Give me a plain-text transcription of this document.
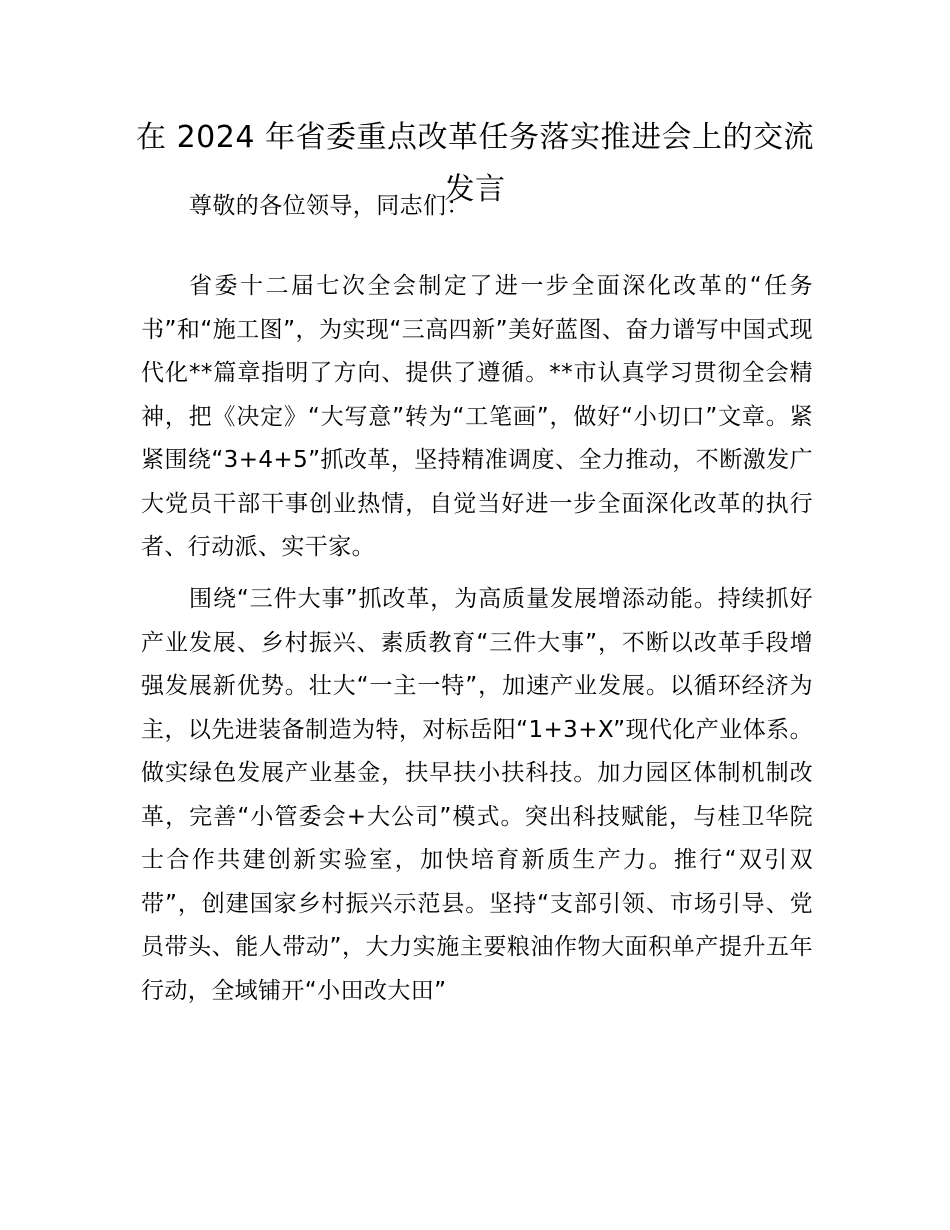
在 2024 年省委重点改革任务落实推进会上的交流发言

尊敬的各位领导，同志们：

省委十二届七次全会制定了进一步全面深化改革的“任务书”和“施工图”，为实现“三高四新”美好蓝图、奋力谱写中国式现代化**篇章指明了方向、提供了遵循。**市认真学习贯彻全会精神，把《决定》“大写意”转为“工笔画”，做好“小切口”文章。紧紧围绕“3+4+5”抓改革，坚持精准调度、全力推动，不断激发广大党员干部干事创业热情，自觉当好进一步全面深化改革的执行者、行动派、实干家。

围绕“三件大事”抓改革，为高质量发展增添动能。持续抓好产业发展、乡村振兴、素质教育“三件大事”，不断以改革手段增强发展新优势。壮大“一主一特”，加速产业发展。以循环经济为主，以先进装备制造为特，对标岳阳“1+3+X”现代化产业体系。做实绿色发展产业基金，扶早扶小扶科技。加力园区体制机制改革，完善“小管委会+大公司”模式。突出科技赋能，与桂卫华院士合作共建创新实验室，加快培育新质生产力。推行“双引双带”，创建国家乡村振兴示范县。坚持“支部引领、市场引导、党员带头、能人带动”，大力实施主要粮油作物大面积单产提升五年行动，全域铺开“小田改大田”
